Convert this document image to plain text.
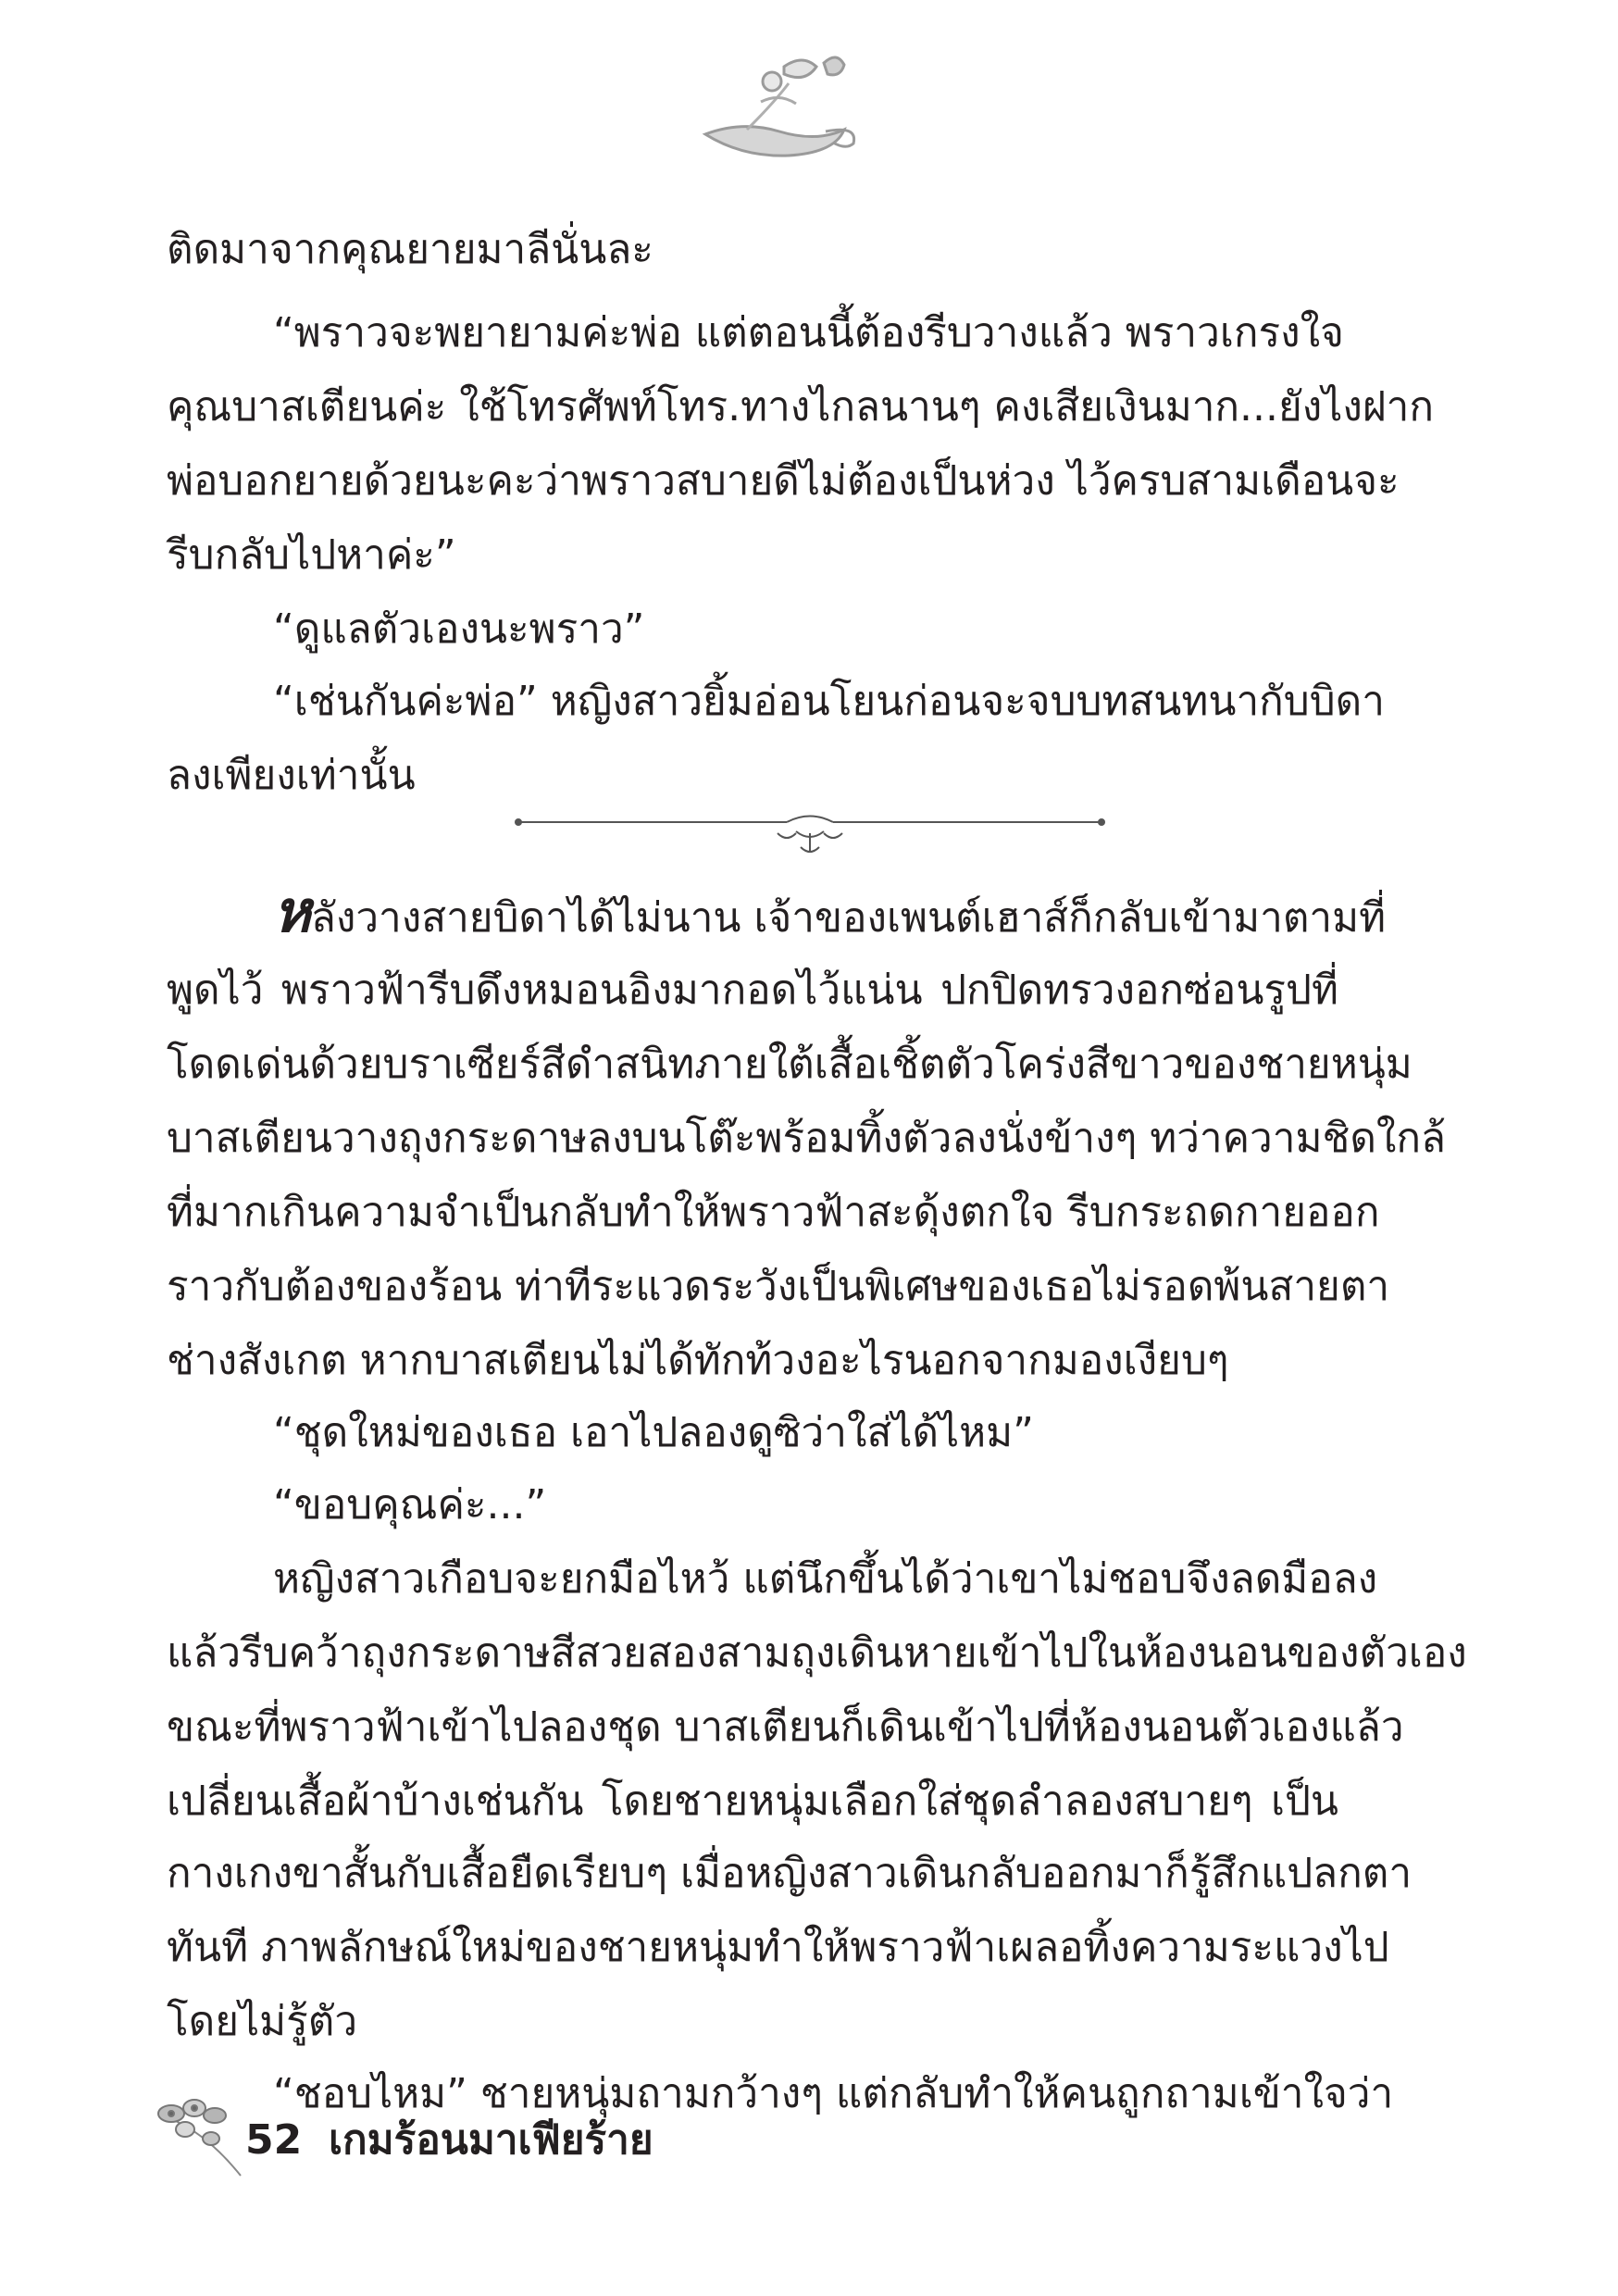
ติดมาจากคุณยายมาลีนั่นละ
“พราวจะพยายามค่ะพ่อ แต่ตอนนี้ต้องรีบวางแล้ว พราวเกรงใจ
คุณบาสเตียนค่ะ ใช้โทรศัพท์โทร.ทางไกลนานๆ คงเสียเงินมาก...ยังไงฝาก
พ่อบอกยายด้วยนะคะว่าพราวสบายดีไม่ต้องเป็นห่วง ไว้ครบสามเดือนจะ
รีบกลับไปหาค่ะ”
“ดูแลตัวเองนะพราว”
“เช่นกันค่ะพ่อ” หญิงสาวยิ้มอ่อนโยนก่อนจะจบบทสนทนากับบิดา
ลงเพียงเท่านั้น
หลังวางสายบิดาได้ไม่นาน เจ้าของเพนต์เฮาส์ก็กลับเข้ามาตามที่
พูดไว้ พราวฟ้ารีบดึงหมอนอิงมากอดไว้แน่น ปกปิดทรวงอกซ่อนรูปที่
โดดเด่นด้วยบราเซียร์สีดำสนิทภายใต้เสื้อเชิ้ตตัวโคร่งสีขาวของชายหนุ่ม
บาสเตียนวางถุงกระดาษลงบนโต๊ะพร้อมทิ้งตัวลงนั่งข้างๆ ทว่าความชิดใกล้
ที่มากเกินความจำเป็นกลับทำให้พราวฟ้าสะดุ้งตกใจ รีบกระถดกายออก
ราวกับต้องของร้อน ท่าทีระแวดระวังเป็นพิเศษของเธอไม่รอดพ้นสายตา
ช่างสังเกต หากบาสเตียนไม่ได้ทักท้วงอะไรนอกจากมองเงียบๆ
“ชุดใหม่ของเธอ เอาไปลองดูซิว่าใส่ได้ไหม”
“ขอบคุณค่ะ...”
หญิงสาวเกือบจะยกมือไหว้ แต่นึกขึ้นได้ว่าเขาไม่ชอบจึงลดมือลง
แล้วรีบคว้าถุงกระดาษสีสวยสองสามถุงเดินหายเข้าไปในห้องนอนของตัวเอง
ขณะที่พราวฟ้าเข้าไปลองชุด บาสเตียนก็เดินเข้าไปที่ห้องนอนตัวเองแล้ว
เปลี่ยนเสื้อผ้าบ้างเช่นกัน โดยชายหนุ่มเลือกใส่ชุดลำลองสบายๆ เป็น
กางเกงขาสั้นกับเสื้อยืดเรียบๆ เมื่อหญิงสาวเดินกลับออกมาก็รู้สึกแปลกตา
ทันที ภาพลักษณ์ใหม่ของชายหนุ่มทำให้พราวฟ้าเผลอทิ้งความระแวงไป
โดยไม่รู้ตัว
“ชอบไหม” ชายหนุ่มถามกว้างๆ แต่กลับทำให้คนถูกถามเข้าใจว่า
52 เกมร้อนมาเฟียร้าย
